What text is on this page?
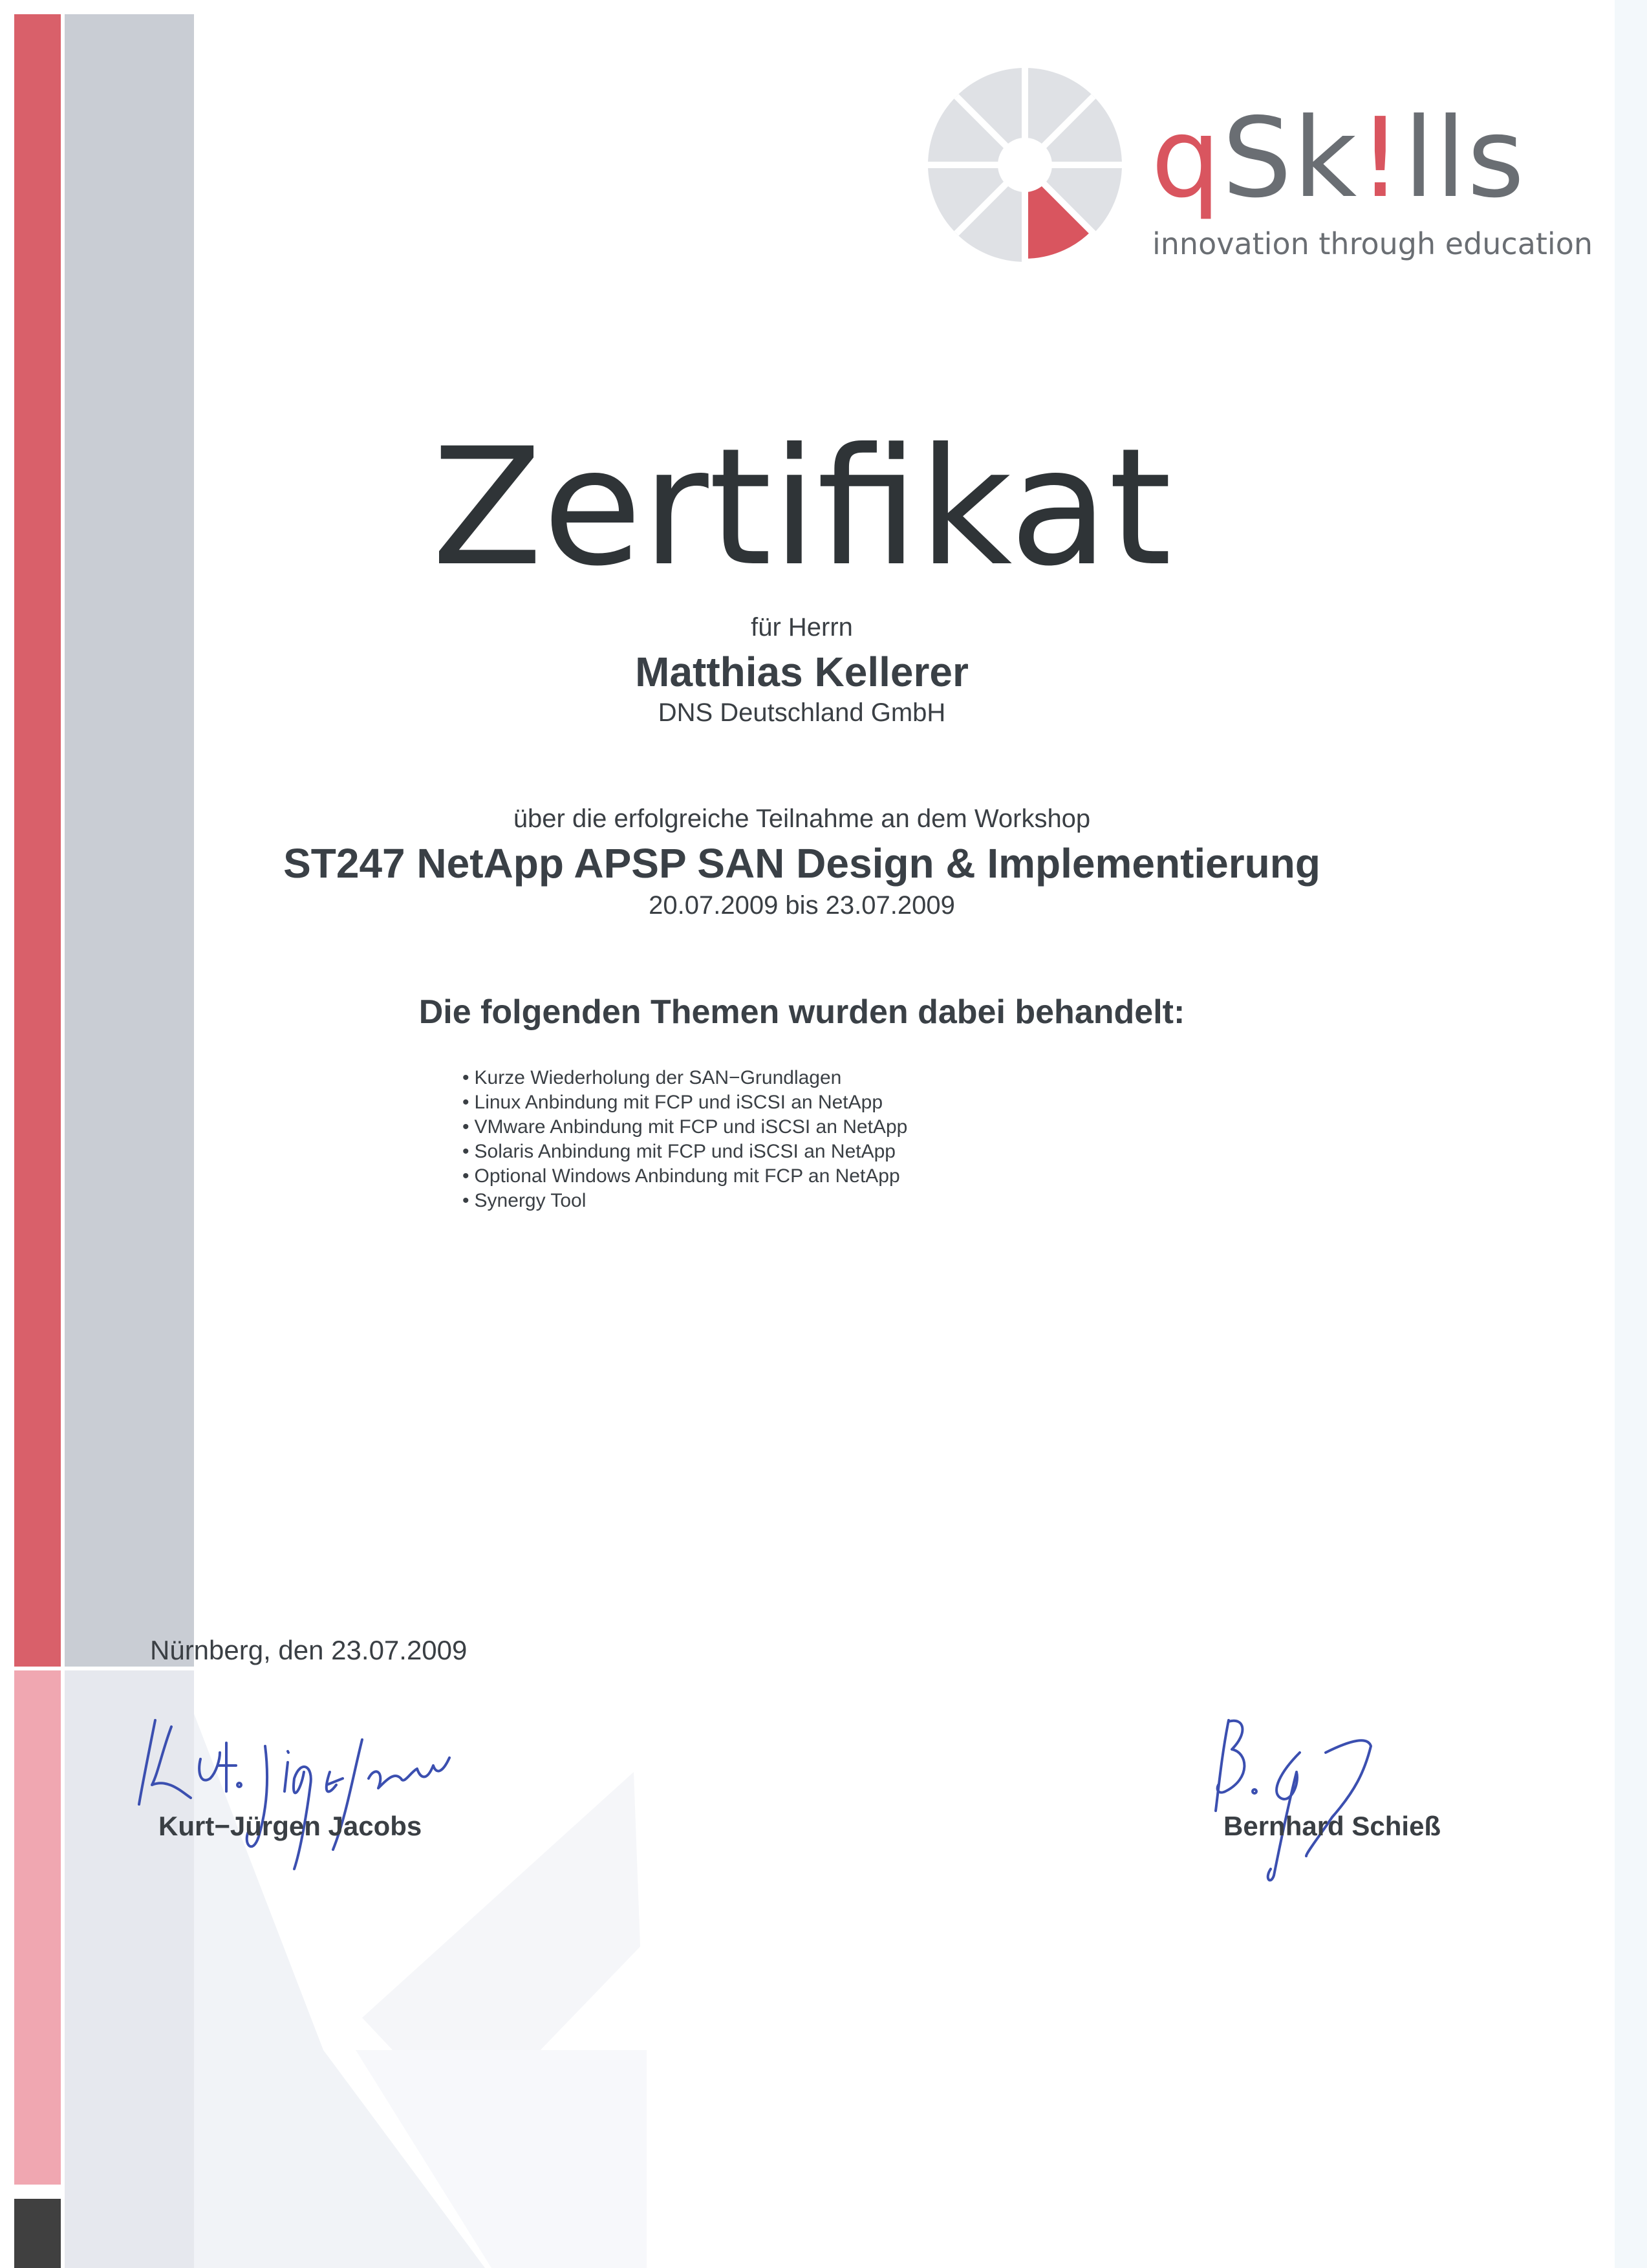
qSk!lls
innovation through education
Zertifikat
für Herrn
Matthias Kellerer
DNS Deutschland GmbH
über die erfolgreiche Teilnahme an dem Workshop
ST247 NetApp APSP SAN Design & Implementierung
20.07.2009 bis 23.07.2009
Die folgenden Themen wurden dabei behandelt:
• Kurze Wiederholung der SAN−Grundlagen
• Linux Anbindung mit FCP und iSCSI an NetApp
• VMware Anbindung mit FCP und iSCSI an NetApp
• Solaris Anbindung mit FCP und iSCSI an NetApp
• Optional Windows Anbindung mit FCP an NetApp
• Synergy Tool
Nürnberg, den 23.07.2009
Kurt−Jürgen Jacobs	Bernhard Schieß
